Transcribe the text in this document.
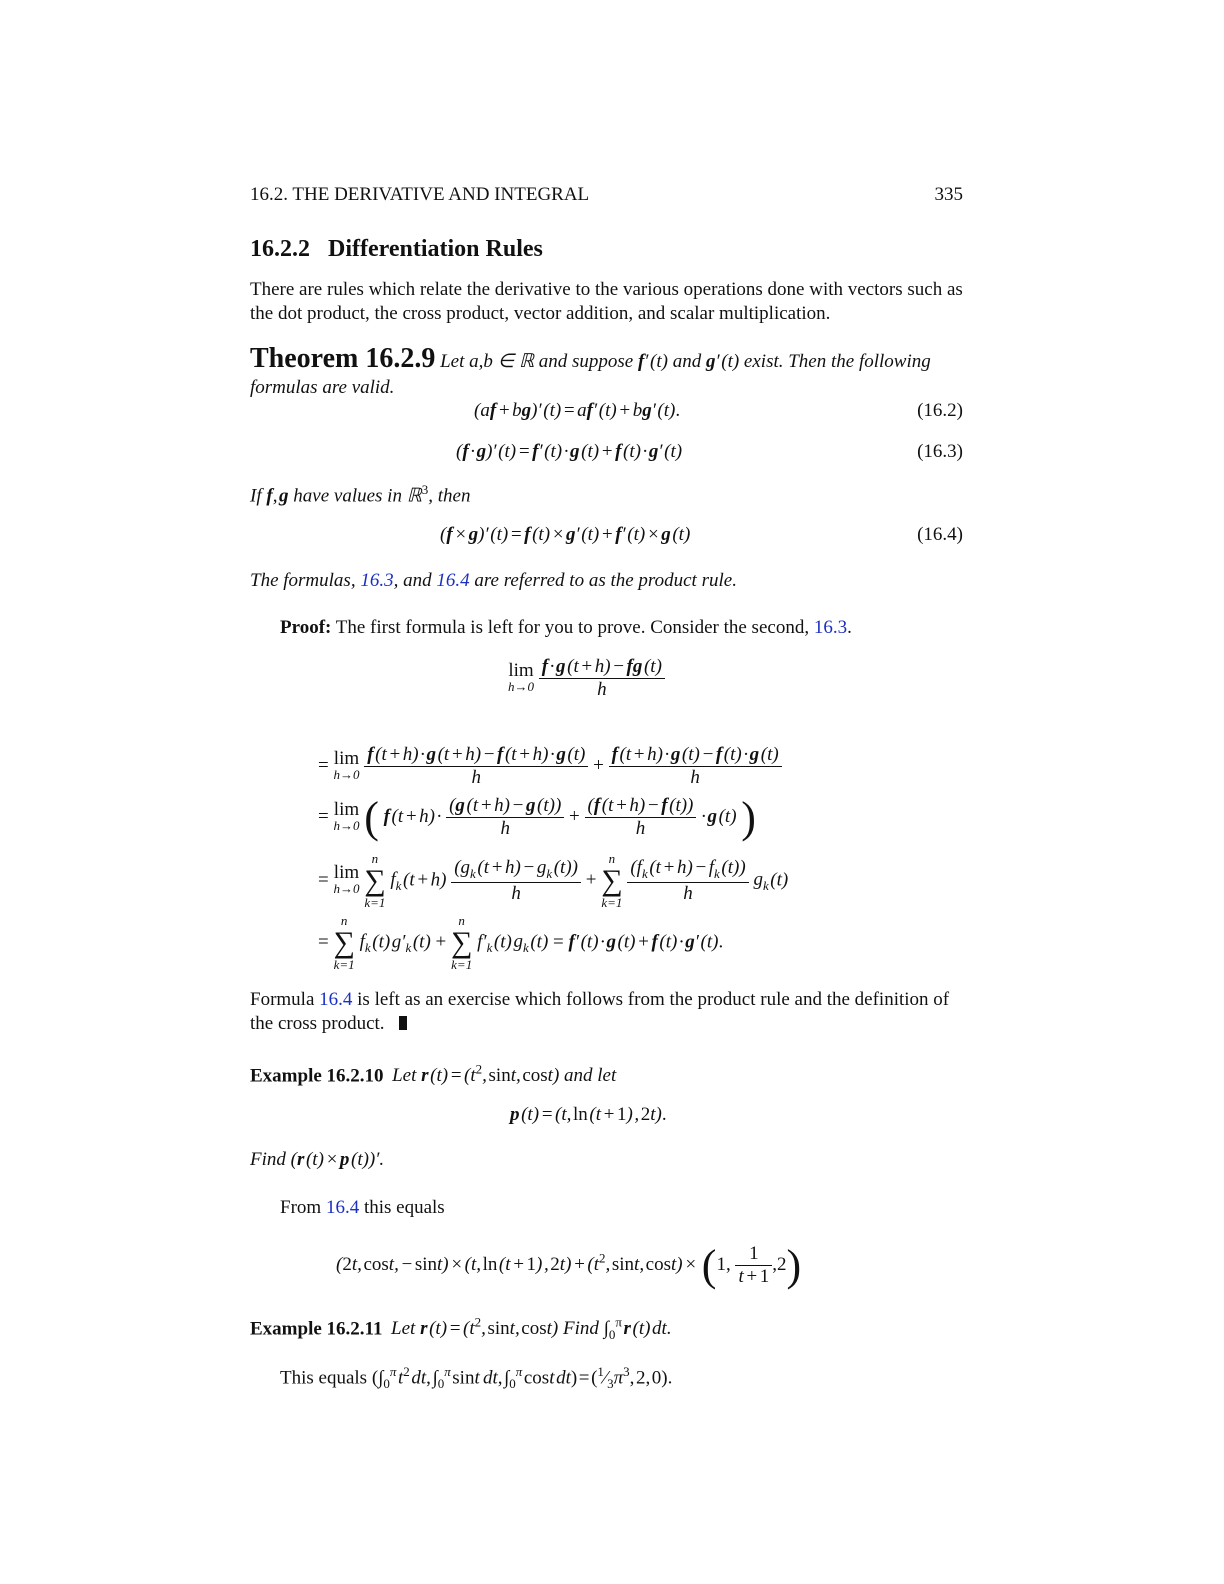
16.2. THE DERIVATIVE AND INTEGRAL	335
16.2.2 Differentiation Rules
There are rules which relate the derivative to the various operations done with vectors such as the dot product, the cross product, vector addition, and scalar multiplication.
Theorem 16.2.9 Let a,b ∈ ℝ and suppose f′ (t) and g′ (t) exist. Then the following formulas are valid.
(af + bg)′ (t) = af′ (t) + bg′ (t).	(16.2)
(f · g)′ (t) = f′ (t) · g (t) + f (t) · g′ (t)	(16.3)
If f, g have values in ℝ$^3$, then
(f × g)′ (t) = f (t) × g′ (t) + f′ (t) × g (t)	(16.4)
The formulas, 16.3, and 16.4 are referred to as the product rule.
Proof: The first formula is left for you to prove. Consider the second, 16.3.
lim
h→0
$\frac{f \cdot g (t + h) - fg (t)}{h}$
= lim
h→0
$\frac{f (t + h) \cdot g (t + h) - f (t + h) \cdot g (t)}{h} + \frac{f (t + h) \cdot g (t) - f (t) \cdot g (t)}{h}$
= lim
h→0 ( f (t + h) · $\frac{(g (t + h) - g (t))}{h} + \frac{(f (t + h) - f (t))}{h}$ · g (t) )
= lim
h→0

n
∑
k=1
$f_k$ (t + $h) \frac{(g_k (t + h) - g_k (t))}{h}$ +
n
∑
k=1
$\frac{(f_k (t + h) - f_k (t))}{h} g_k$ (t)
=
n
∑
k=1
$f_k$ (t) $g'_k$ (t) +
n
∑
k=1
$f'_k$ (t) $g_k$ (t) = f′ (t) · g (t) + f (t) · g′ (t).
Formula 16.4 is left as an exercise which follows from the product rule and the definition of the cross product.
Example 16.2.10  Let r (t) = ($t^2$, sint, cost) and let
p (t) = (t, ln (t + 1) , 2t).
Find (r (t) × p (t))′.
From 16.4 this equals
(2t, cost, − sint) × (t, ln (t + 1) , 2t) + ($t^2$, sint, cost) × (1, $\frac{1}{t + 1} ,2$)
Example 16.2.11  Let r (t) = ($t^2$, sint, cost) Find $\int_0^\pi$ r (t) dt.
This equals ($\int_0^\pi$ $t^2$ dt, $\int_0^\pi$ sint   dt, $\int_0^\pi$ cost dt) = ($^1⁄_3\pi^3$, 2, 0).
